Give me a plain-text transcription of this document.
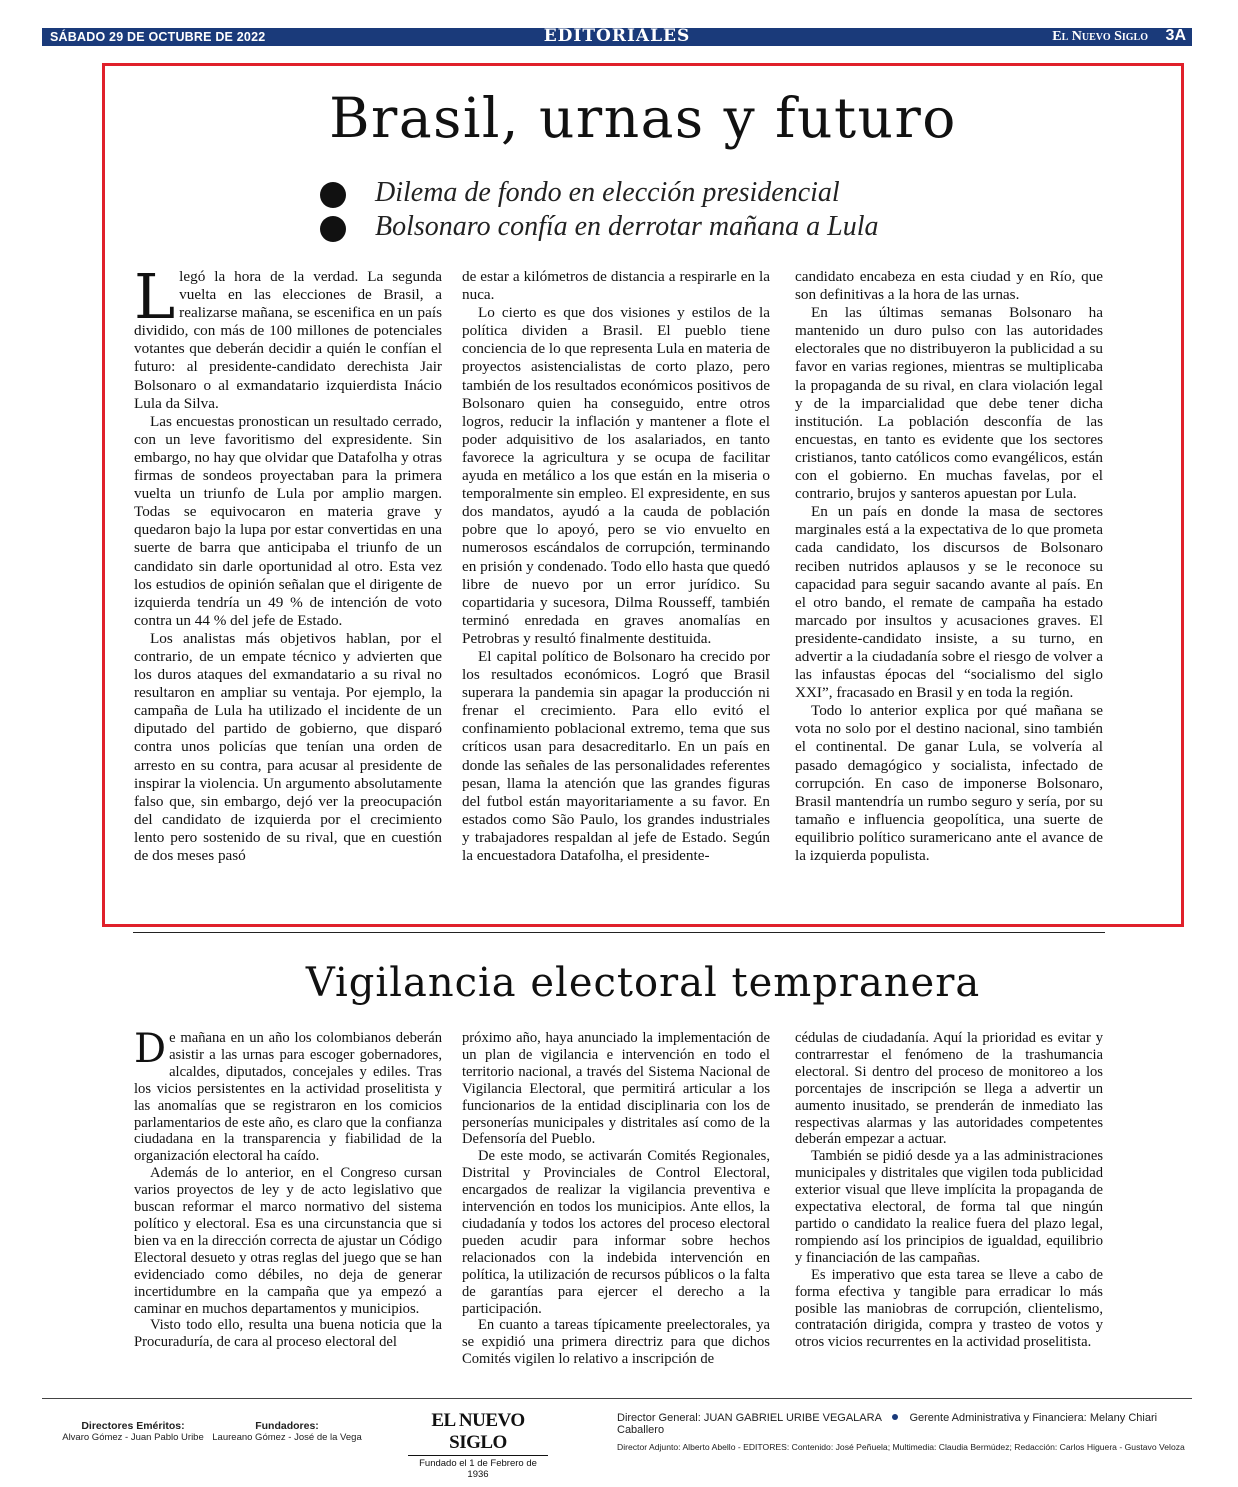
SÁBADO 29 DE OCTUBRE DE 2022	EDITORIALES	El Nuevo Siglo 3A
Brasil, urnas y futuro
Dilema de fondo en elección presidencial
Bolsonaro confía en derrotar mañana a Lula

Llegó la hora de la verdad. La segunda vuelta en las elecciones de Brasil, a realizarse mañana, se escenifica en un país dividido, con más de 100 millones de potenciales votantes que deberán decidir a quién le confían el futuro: al presidente-candidato derechista Jair Bolsonaro o al exmandatario izquierdista Inácio Lula da Silva.

Las encuestas pronostican un resultado cerrado, con un leve favoritismo del expresidente. Sin embargo, no hay que olvidar que Datafolha y otras firmas de sondeos proyectaban para la primera vuelta un triunfo de Lula por amplio margen. Todas se equivocaron en materia grave y quedaron bajo la lupa por estar convertidas en una suerte de barra que anticipaba el triunfo de un candidato sin darle oportunidad al otro. Esta vez los estudios de opinión señalan que el dirigente de izquierda tendría un 49 % de intención de voto contra un 44 % del jefe de Estado.

Los analistas más objetivos hablan, por el contrario, de un empate técnico y advierten que los duros ataques del exmandatario a su rival no resultaron en ampliar su ventaja. Por ejemplo, la campaña de Lula ha utilizado el incidente de un diputado del partido de gobierno, que disparó contra unos policías que tenían una orden de arresto en su contra, para acusar al presidente de inspirar la violencia. Un argumento absolutamente falso que, sin embargo, dejó ver la preocupación del candidato de izquierda por el crecimiento lento pero sostenido de su rival, que en cuestión de dos meses pasó

de estar a kilómetros de distancia a respirarle en la nuca.

Lo cierto es que dos visiones y estilos de la política dividen a Brasil. El pueblo tiene conciencia de lo que representa Lula en materia de proyectos asistencialistas de corto plazo, pero también de los resultados económicos positivos de Bolsonaro quien ha conseguido, entre otros logros, reducir la inflación y mantener a flote el poder adquisitivo de los asalariados, en tanto favorece la agricultura y se ocupa de facilitar ayuda en metálico a los que están en la miseria o temporalmente sin empleo. El expresidente, en sus dos mandatos, ayudó a la cauda de población pobre que lo apoyó, pero se vio envuelto en numerosos escándalos de corrupción, terminando en prisión y condenado. Todo ello hasta que quedó libre de nuevo por un error jurídico. Su copartidaria y sucesora, Dilma Rousseff, también terminó enredada en graves anomalías en Petrobras y resultó finalmente destituida.

El capital político de Bolsonaro ha crecido por los resultados económicos. Logró que Brasil superara la pandemia sin apagar la producción ni frenar el crecimiento. Para ello evitó el confinamiento poblacional extremo, tema que sus críticos usan para desacreditarlo. En un país en donde las señales de las personalidades referentes pesan, llama la atención que las grandes figuras del futbol están mayoritariamente a su favor. En estados como São Paulo, los grandes industriales y trabajadores respaldan al jefe de Estado. Según la encuestadora Datafolha, el presidente-

candidato encabeza en esta ciudad y en Río, que son definitivas a la hora de las urnas.

En las últimas semanas Bolsonaro ha mantenido un duro pulso con las autoridades electorales que no distribuyeron la publicidad a su favor en varias regiones, mientras se multiplicaba la propaganda de su rival, en clara violación legal y de la imparcialidad que debe tener dicha institución. La población desconfía de las encuestas, en tanto es evidente que los sectores cristianos, tanto católicos como evangélicos, están con el gobierno. En muchas favelas, por el contrario, brujos y santeros apuestan por Lula.

En un país en donde la masa de sectores marginales está a la expectativa de lo que prometa cada candidato, los discursos de Bolsonaro reciben nutridos aplausos y se le reconoce su capacidad para seguir sacando avante al país. En el otro bando, el remate de campaña ha estado marcado por insultos y acusaciones graves. El presidente-candidato insiste, a su turno, en advertir a la ciudadanía sobre el riesgo de volver a las infaustas épocas del “socialismo del siglo XXI”, fracasado en Brasil y en toda la región.

Todo lo anterior explica por qué mañana se vota no solo por el destino nacional, sino también el continental. De ganar Lula, se volvería al pasado demagógico y socialista, infectado de corrupción. En caso de imponerse Bolsonaro, Brasil mantendría un rumbo seguro y sería, por su tamaño e influencia geopolítica, una suerte de equilibrio político suramericano ante el avance de la izquierda populista.

Vigilancia electoral tempranera

De mañana en un año los colombianos deberán asistir a las urnas para escoger gobernadores, alcaldes, diputados, concejales y ediles. Tras los vicios persistentes en la actividad proselitista y las anomalías que se registraron en los comicios parlamentarios de este año, es claro que la confianza ciudadana en la transparencia y fiabilidad de la organización electoral ha caído.

Además de lo anterior, en el Congreso cursan varios proyectos de ley y de acto legislativo que buscan reformar el marco normativo del sistema político y electoral. Esa es una circunstancia que si bien va en la dirección correcta de ajustar un Código Electoral desueto y otras reglas del juego que se han evidenciado como débiles, no deja de generar incertidumbre en la campaña que ya empezó a caminar en muchos departamentos y municipios.

Visto todo ello, resulta una buena noticia que la Procuraduría, de cara al proceso electoral del

próximo año, haya anunciado la implementación de un plan de vigilancia e intervención en todo el territorio nacional, a través del Sistema Nacional de Vigilancia Electoral, que permitirá articular a los funcionarios de la entidad disciplinaria con los de personerías municipales y distritales así como de la Defensoría del Pueblo.

De este modo, se activarán Comités Regionales, Distrital y Provinciales de Control Electoral, encargados de realizar la vigilancia preventiva e intervención en todos los municipios. Ante ellos, la ciudadanía y todos los actores del proceso electoral pueden acudir para informar sobre hechos relacionados con la indebida intervención en política, la utilización de recursos públicos o la falta de garantías para ejercer el derecho a la participación.

En cuanto a tareas típicamente preelectorales, ya se expidió una primera directriz para que dichos Comités vigilen lo relativo a inscripción de

cédulas de ciudadanía. Aquí la prioridad es evitar y contrarrestar el fenómeno de la trashumancia electoral. Si dentro del proceso de monitoreo a los porcentajes de inscripción se llega a advertir un aumento inusitado, se prenderán de inmediato las respectivas alarmas y las autoridades competentes deberán empezar a actuar.

También se pidió desde ya a las administraciones municipales y distritales que vigilen toda publicidad exterior visual que lleve implícita la propaganda de expectativa electoral, de forma tal que ningún partido o candidato la realice fuera del plazo legal, rompiendo así los principios de igualdad, equilibrio y financiación de las campañas.

Es imperativo que esta tarea se lleve a cabo de forma efectiva y tangible para erradicar lo más posible las maniobras de corrupción, clientelismo, contratación dirigida, compra y trasteo de votos y otros vicios recurrentes en la actividad proselitista.

Directores Eméritos:
Alvaro Gómez - Juan Pablo Uribe
Fundadores:
Laureano Gómez - José de la Vega
EL NUEVO SIGLO
Fundado el 1 de Febrero de 1936
Director General: JUAN GABRIEL URIBE VEGALARA	Gerente Administrativa y Financiera: Melany Chiari Caballero
Director Adjunto: Alberto Abello - EDITORES: Contenido: José Peñuela; Multimedia: Claudia Bermúdez; Redacción: Carlos Higuera - Gustavo Veloza
